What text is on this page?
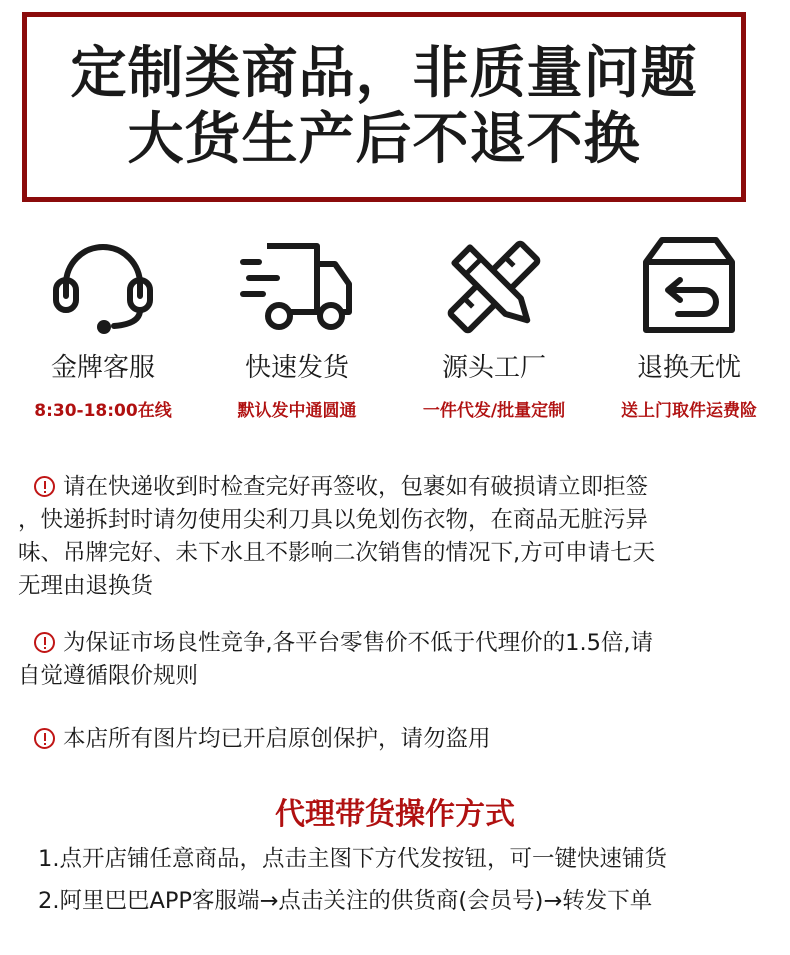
定制类商品，非质量问题
大货生产后不退不换
金牌客服
8:30-18:00在线
快速发货
默认发中通圆通
源头工厂
一件代发/批量定制
退换无忧
送上门取件运费险
请在快递收到时检查完好再签收，包裹如有破损请立即拒签
，快递拆封时请勿使用尖利刀具以免划伤衣物，在商品无脏污异
味、吊牌完好、未下水且不影响二次销售的情况下,方可申请七天
无理由退换货
为保证市场良性竞争,各平台零售价不低于代理价的1.5倍,请
自觉遵循限价规则
本店所有图片均已开启原创保护，请勿盗用
代理带货操作方式
1.点开店铺任意商品，点击主图下方代发按钮，可一键快速铺货
2.阿里巴巴APP客服端→点击关注的供货商(会员号)→转发下单
